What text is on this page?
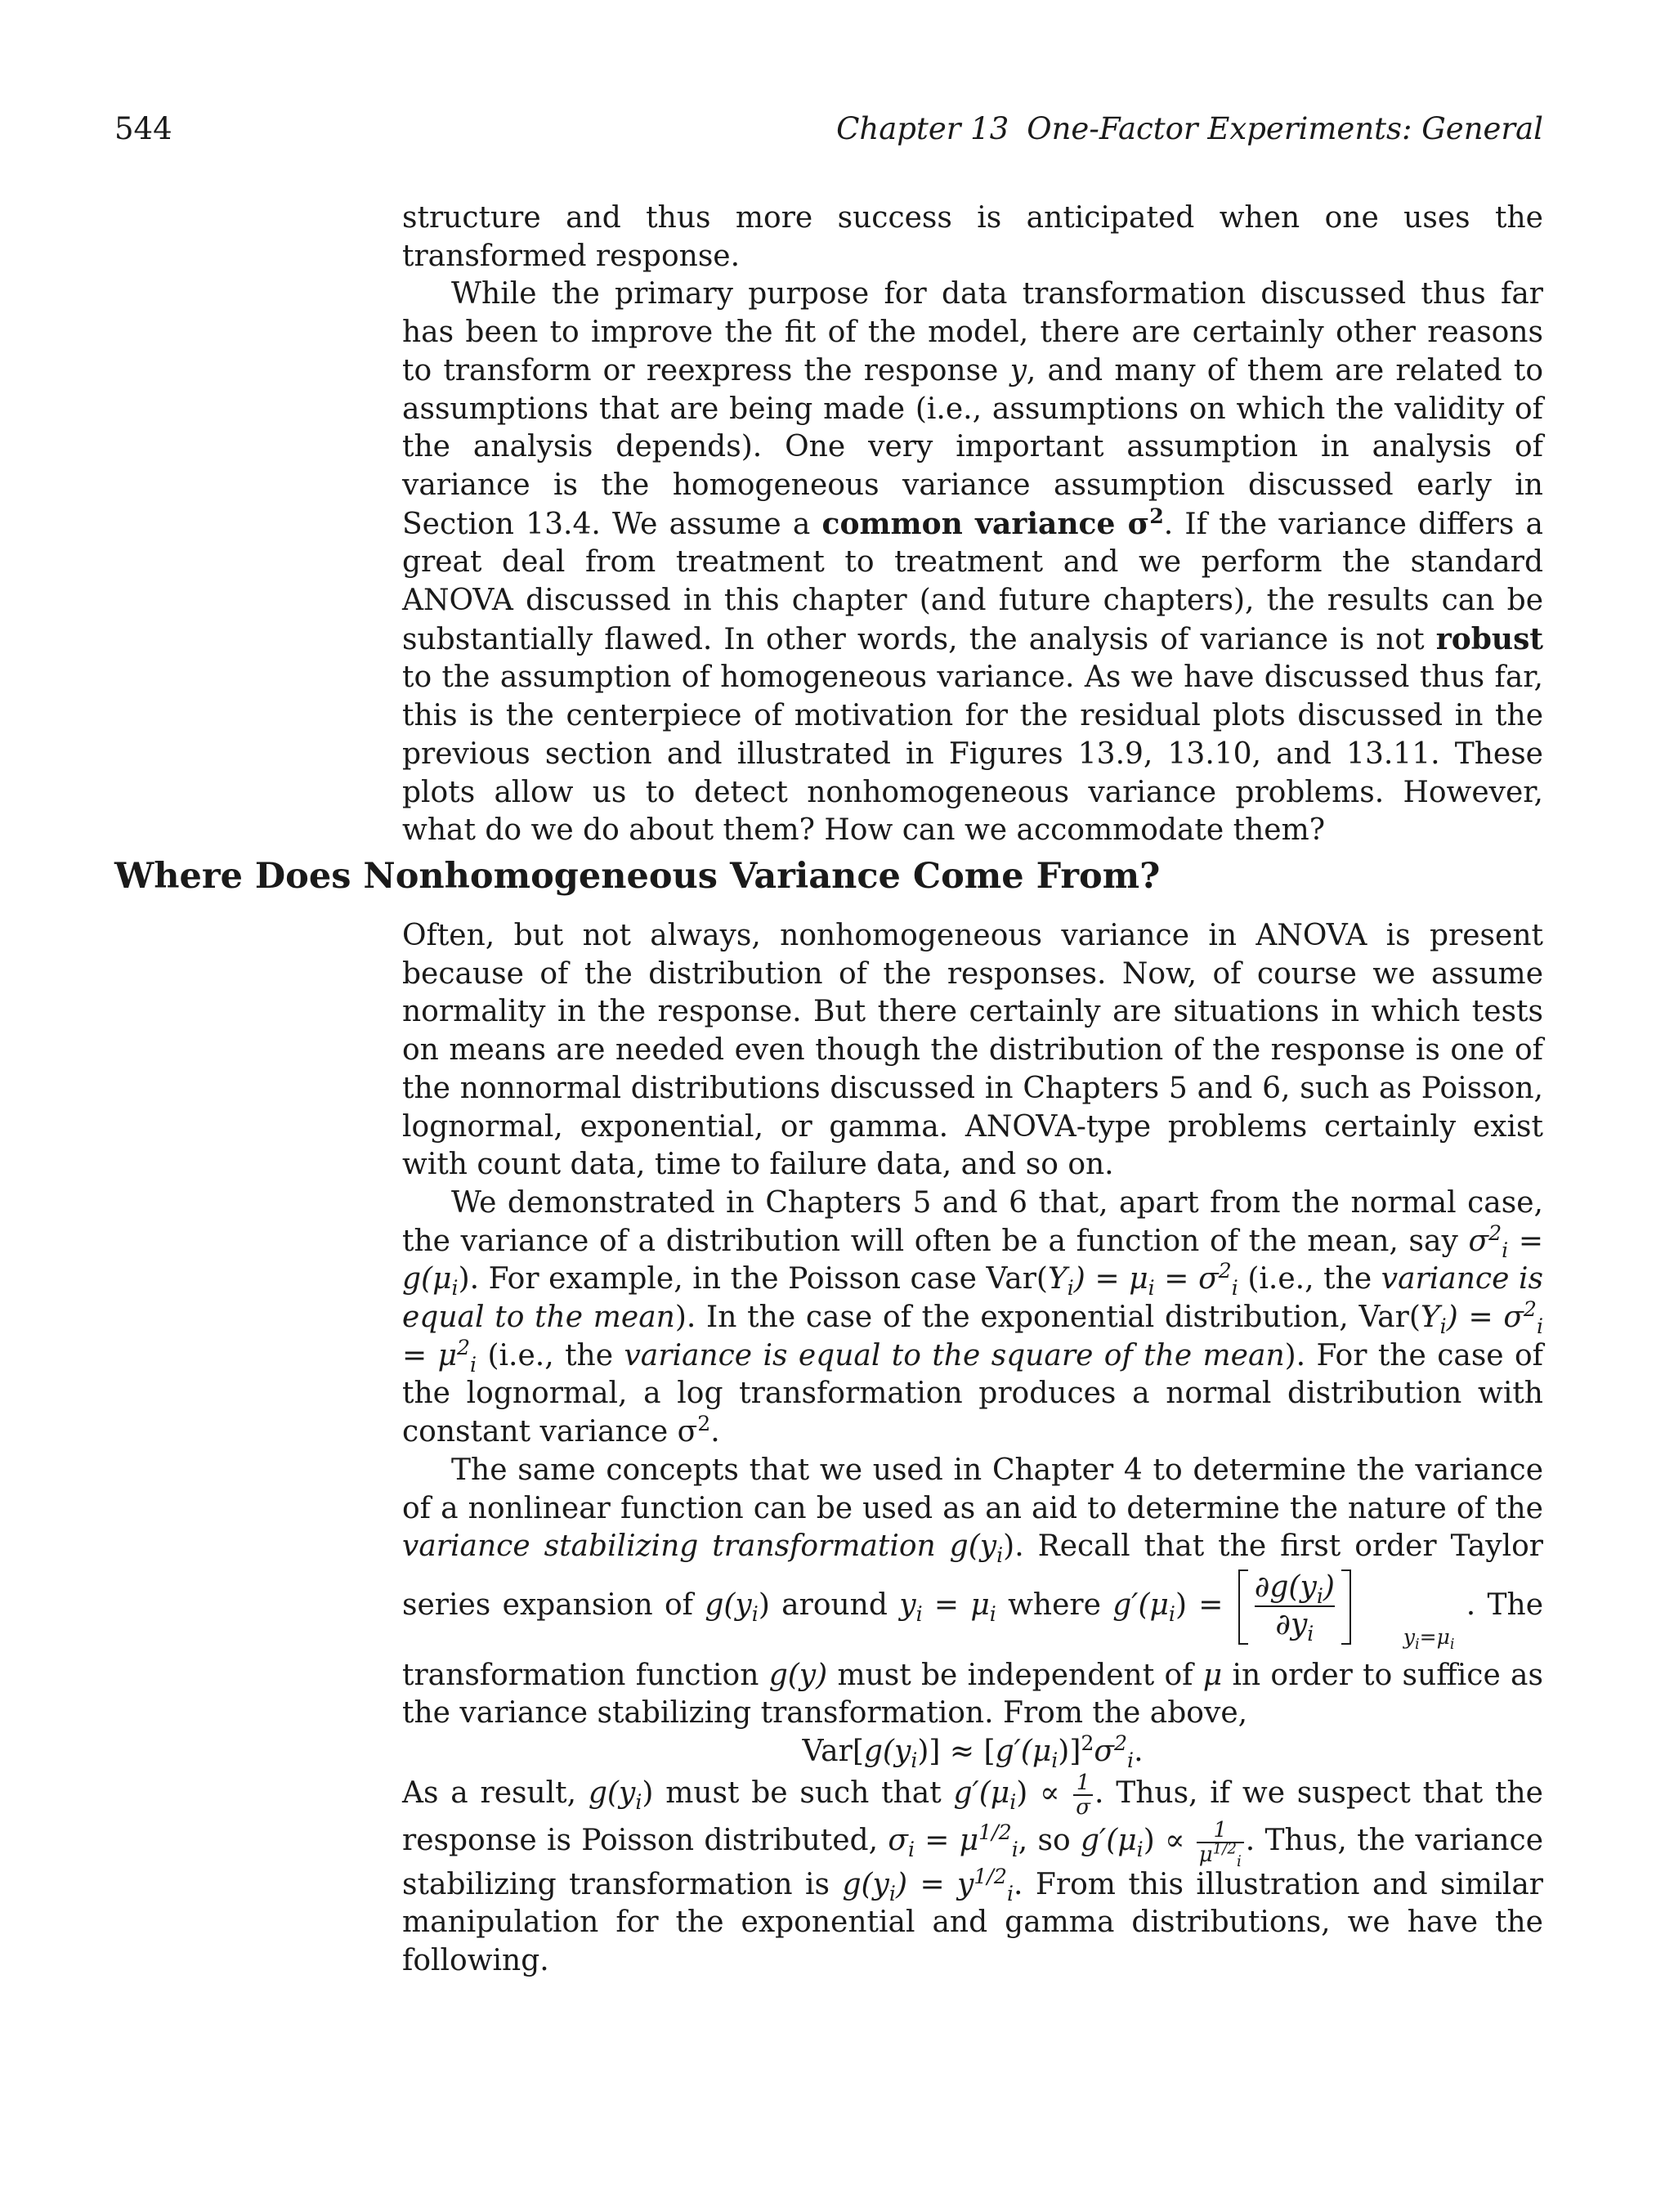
544	Chapter 13 One-Factor Experiments: General

structure and thus more success is anticipated when one uses the transformed response.

While the primary purpose for data transformation discussed thus far has been to improve the fit of the model, there are certainly other reasons to transform or reexpress the response y, and many of them are related to assumptions that are being made (i.e., assumptions on which the validity of the analysis depends). One very important assumption in analysis of variance is the homogeneous variance assumption discussed early in Section 13.4. We assume a common variance $\sigma^2$. If the variance differs a great deal from treatment to treatment and we perform the standard ANOVA discussed in this chapter (and future chapters), the results can be substantially flawed. In other words, the analysis of variance is not robust to the assumption of homogeneous variance. As we have discussed thus far, this is the centerpiece of motivation for the residual plots discussed in the previous section and illustrated in Figures 13.9, 13.10, and 13.11. These plots allow us to detect nonhomogeneous variance problems. However, what do we do about them? How can we accommodate them?

Where Does Nonhomogeneous Variance Come From?

Often, but not always, nonhomogeneous variance in ANOVA is present because of the distribution of the responses. Now, of course we assume normality in the response. But there certainly are situations in which tests on means are needed even though the distribution of the response is one of the nonnormal distributions discussed in Chapters 5 and 6, such as Poisson, lognormal, exponential, or gamma. ANOVA-type problems certainly exist with count data, time to failure data, and so on.

We demonstrated in Chapters 5 and 6 that, apart from the normal case, the variance of a distribution will often be a function of the mean, say $\sigma^2_i = g(\mu_i)$. For example, in the Poisson case $Var(Y_i) = \mu_i = \sigma^2_i$ (i.e., the variance is equal to the mean). In the case of the exponential distribution, $Var(Y_i) = \sigma^2_i = \mu^2_i$ (i.e., the variance is equal to the square of the mean). For the case of the lognormal, a log transformation produces a normal distribution with constant variance $\sigma^2$.

The same concepts that we used in Chapter 4 to determine the variance of a nonlinear function can be used as an aid to determine the nature of the variance stabilizing transformation $g(y_i)$. Recall that the first order Taylor series expansion of $g(y_i)$ around $y_i = \mu_i$ where $g'(\mu_i) = \frac{\partial g(y_i)}{\partial y_i}$	$y_i=\mu_i$ . The transformation function g(y) must be independent of μ in order to suffice as the variance stabilizing transformation. From the above,

$Var[g(y_i)] \approx [g'(\mu_i)]^2\sigma^2_i$.

As a result, $g(y_i)$ must be such that $g'(\mu_i) \propto \frac{1}{\sigma}$ . Thus, if we suspect that the response is Poisson distributed, $\sigma_i = \mu^{1/2}_i$, so $g'(\mu_i) \propto \frac{1}{\mu^{1/2}_i}$ . Thus, the variance stabilizing transformation is $g(y_i) = y^{1/2}_i$. From this illustration and similar manipulation for the exponential and gamma distributions, we have the following.
